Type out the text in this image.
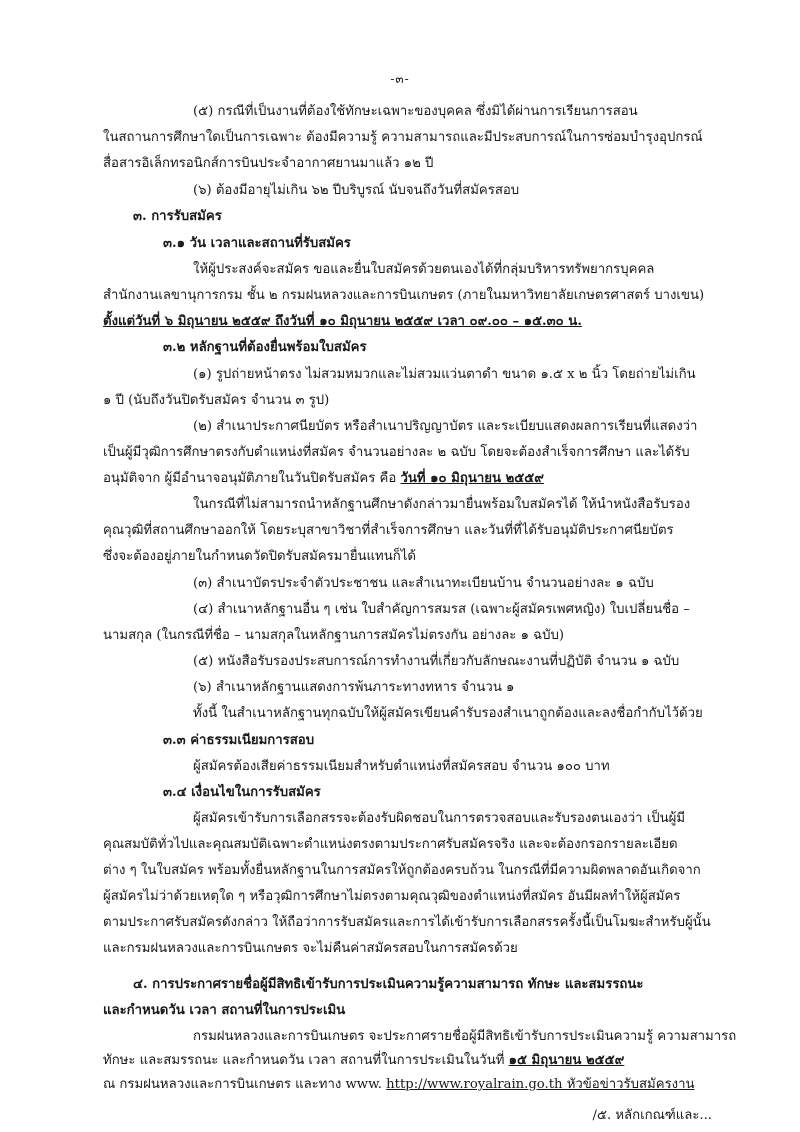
-๓-
(๕) กรณีที่เป็นงานที่ต้องใช้ทักษะเฉพาะของบุคคล ซึ่งมิได้ผ่านการเรียนการสอน
ในสถานการศึกษาใดเป็นการเฉพาะ ต้องมีความรู้ ความสามารถและมีประสบการณ์ในการซ่อมบำรุงอุปกรณ์
สื่อสารอิเล็กทรอนิกส์การบินประจำอากาศยานมาแล้ว ๑๒ ปี
(๖) ต้องมีอายุไม่เกิน ๖๒ ปีบริบูรณ์ นับจนถึงวันที่สมัครสอบ
๓. การรับสมัคร
๓.๑ วัน เวลาและสถานที่รับสมัคร
ให้ผู้ประสงค์จะสมัคร ขอและยื่นใบสมัครด้วยตนเองได้ที่กลุ่มบริหารทรัพยากรบุคคล
สำนักงานเลขานุการกรม ชั้น ๒ กรมฝนหลวงและการบินเกษตร (ภายในมหาวิทยาลัยเกษตรศาสตร์ บางเขน)
ตั้งแต่วันที่ ๖ มิถุนายน ๒๕๕๙ ถึงวันที่ ๑๐ มิถุนายน ๒๕๕๙ เวลา ๐๙.๐๐ – ๑๕.๓๐ น.
๓.๒ หลักฐานที่ต้องยื่นพร้อมใบสมัคร
(๑) รูปถ่ายหน้าตรง ไม่สวมหมวกและไม่สวมแว่นตาดำ ขนาด ๑.๕ x ๒ นิ้ว โดยถ่ายไม่เกิน
๑ ปี (นับถึงวันปิดรับสมัคร จำนวน ๓ รูป)
(๒) สำเนาประกาศนียบัตร หรือสำเนาปริญญาบัตร และระเบียบแสดงผลการเรียนที่แสดงว่า
เป็นผู้มีวุฒิการศึกษาตรงกับตำแหน่งที่สมัคร จำนวนอย่างละ ๒ ฉบับ โดยจะต้องสำเร็จการศึกษา และได้รับ
อนุมัติจาก ผู้มีอำนาจอนุมัติภายในวันปิดรับสมัคร คือ วันที่ ๑๐ มิถุนายน ๒๕๕๙
ในกรณีที่ไม่สามารถนำหลักฐานศึกษาดังกล่าวมายื่นพร้อมใบสมัครได้ ให้นำหนังสือรับรอง
คุณวุฒิที่สถานศึกษาออกให้ โดยระบุสาขาวิชาที่สำเร็จการศึกษา และวันที่ที่ได้รับอนุมัติประกาศนียบัตร
ซึ่งจะต้องอยู่ภายในกำหนดวัดปิดรับสมัครมายื่นแทนก็ได้
(๓) สำเนาบัตรประจำตัวประชาชน และสำเนาทะเบียนบ้าน จำนวนอย่างละ ๑ ฉบับ
(๔) สำเนาหลักฐานอื่น ๆ เช่น ใบสำคัญการสมรส (เฉพาะผู้สมัครเพศหญิง) ใบเปลี่ยนชื่อ –
นามสกุล (ในกรณีที่ชื่อ – นามสกุลในหลักฐานการสมัครไม่ตรงกัน อย่างละ ๑ ฉบับ)
(๕) หนังสือรับรองประสบการณ์การทำงานที่เกี่ยวกับลักษณะงานที่ปฏิบัติ จำนวน ๑ ฉบับ
(๖) สำเนาหลักฐานแสดงการพ้นภาระทางทหาร จำนวน ๑
ทั้งนี้ ในสำเนาหลักฐานทุกฉบับให้ผู้สมัครเขียนคำรับรองสำเนาถูกต้องและลงชื่อกำกับไว้ด้วย
๓.๓ ค่าธรรมเนียมการสอบ
ผู้สมัครต้องเสียค่าธรรมเนียมสำหรับตำแหน่งที่สมัครสอบ จำนวน ๑๐๐ บาท
๓.๔ เงื่อนไขในการรับสมัคร
ผู้สมัครเข้ารับการเลือกสรรจะต้องรับผิดชอบในการตรวจสอบและรับรองตนเองว่า เป็นผู้มี
คุณสมบัติทั่วไปและคุณสมบัติเฉพาะตำแหน่งตรงตามประกาศรับสมัครจริง และจะต้องกรอกรายละเอียด
ต่าง ๆ ในใบสมัคร พร้อมทั้งยื่นหลักฐานในการสมัครให้ถูกต้องครบถ้วน ในกรณีที่มีความผิดพลาดอันเกิดจาก
ผู้สมัครไม่ว่าด้วยเหตุใด ๆ หรือวุฒิการศึกษาไม่ตรงตามคุณวุฒิของตำแหน่งที่สมัคร อันมีผลทำให้ผู้สมัคร
ตามประกาศรับสมัครดังกล่าว ให้ถือว่าการรับสมัครและการได้เข้ารับการเลือกสรรครั้งนี้เป็นโมฆะสำหรับผู้นั้น
และกรมฝนหลวงและการบินเกษตร จะไม่คืนค่าสมัครสอบในการสมัครด้วย
๔. การประกาศรายชื่อผู้มีสิทธิเข้ารับการประเมินความรู้ความสามารถ ทักษะ และสมรรถนะ
และกำหนดวัน เวลา สถานที่ในการประเมิน
กรมฝนหลวงและการบินเกษตร จะประกาศรายชื่อผู้มีสิทธิเข้ารับการประเมินความรู้ ความสามารถ
ทักษะ และสมรรถนะ และกำหนดวัน เวลา สถานที่ในการประเมินในวันที่ ๑๕ มิถุนายน ๒๕๕๙
ณ กรมฝนหลวงและการบินเกษตร และทาง www. http://www.royalrain.go.th หัวข้อข่าวรับสมัครงาน
/๕. หลักเกณฑ์และ...
